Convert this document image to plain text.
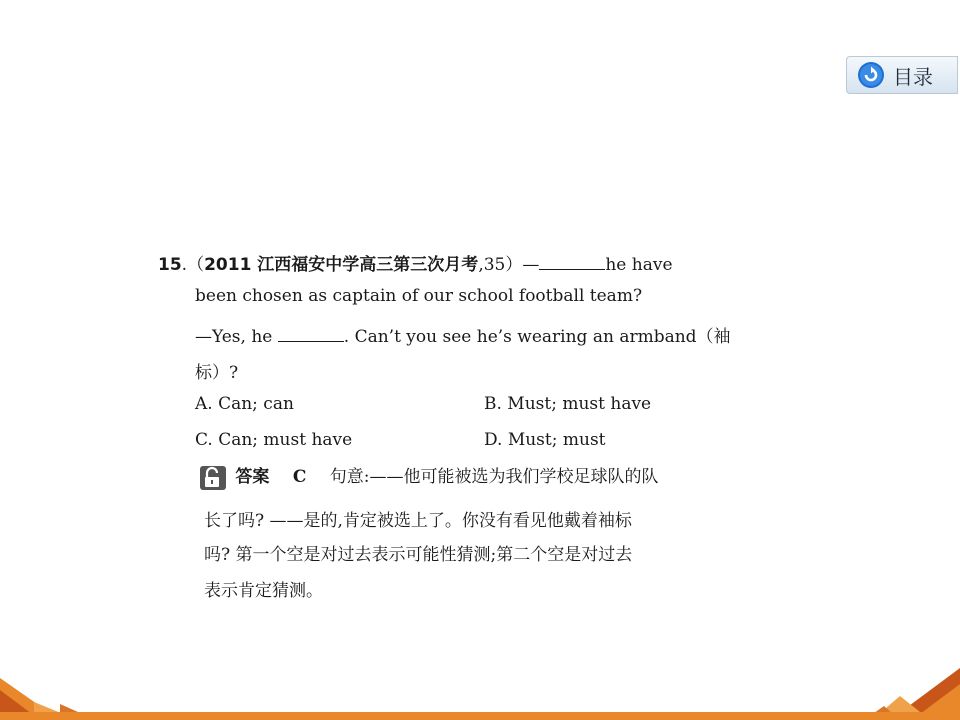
目录
15.（2011 江西福安中学高三第三次月考,35）—	he have
been chosen as captain of our school football team?
—Yes, he	. Can’t you see he’s wearing an armband（袖
标）?
A. Can; can	B. Must; must have
C. Can; must have	D. Must; must
答案 C 句意:——他可能被选为我们学校足球队的队
长了吗? ——是的,肯定被选上了。你没有看见他戴着袖标
吗? 第一个空是对过去表示可能性猜测;第二个空是对过去
表示肯定猜测。
